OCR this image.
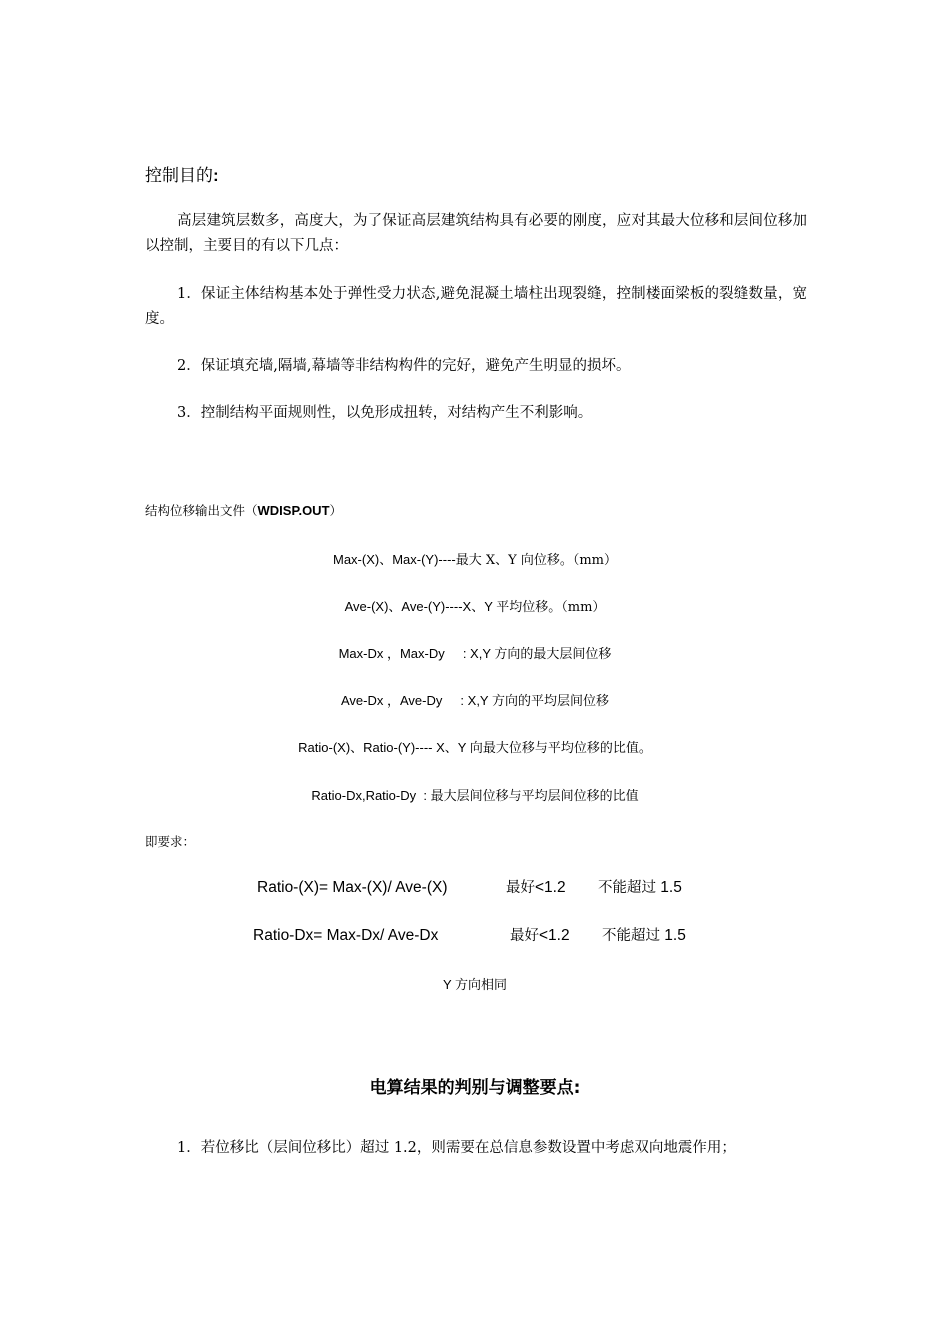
控制目的:
高层建筑层数多，高度大，为了保证高层建筑结构具有必要的刚度，应对其最大位移和层间位移加以控制，主要目的有以下几点：
1．保证主体结构基本处于弹性受力状态,避免混凝土墙柱出现裂缝，控制楼面梁板的裂缝数量，宽度。
2．保证填充墙,隔墙,幕墙等非结构构件的完好，避免产生明显的损坏。
3．控制结构平面规则性，以免形成扭转，对结构产生不利影响。
结构位移输出文件（WDISP.OUT）
Max-(X)、Max-(Y)----最大 X、Y 向位移。（mm）
Ave-(X)、Ave-(Y)----X、Y 平均位移。（mm）
Max-Dx ，Max-Dy     : X,Y 方向的最大层间位移
Ave-Dx ，Ave-Dy     : X,Y 方向的平均层间位移
Ratio-(X)、Ratio-(Y)---- X、Y 向最大位移与平均位移的比值。
Ratio-Dx,Ratio-Dy  : 最大层间位移与平均层间位移的比值
即要求：
Ratio-(X)= Max-(X)/ Ave-(X)	最好<1.2 不能超过 1.5
Ratio-Dx= Max-Dx/ Ave-Dx	最好<1.2 不能超过 1.5
Y 方向相同
电算结果的判别与调整要点:
1．若位移比（层间位移比）超过 1.2，则需要在总信息参数设置中考虑双向地震作用；
